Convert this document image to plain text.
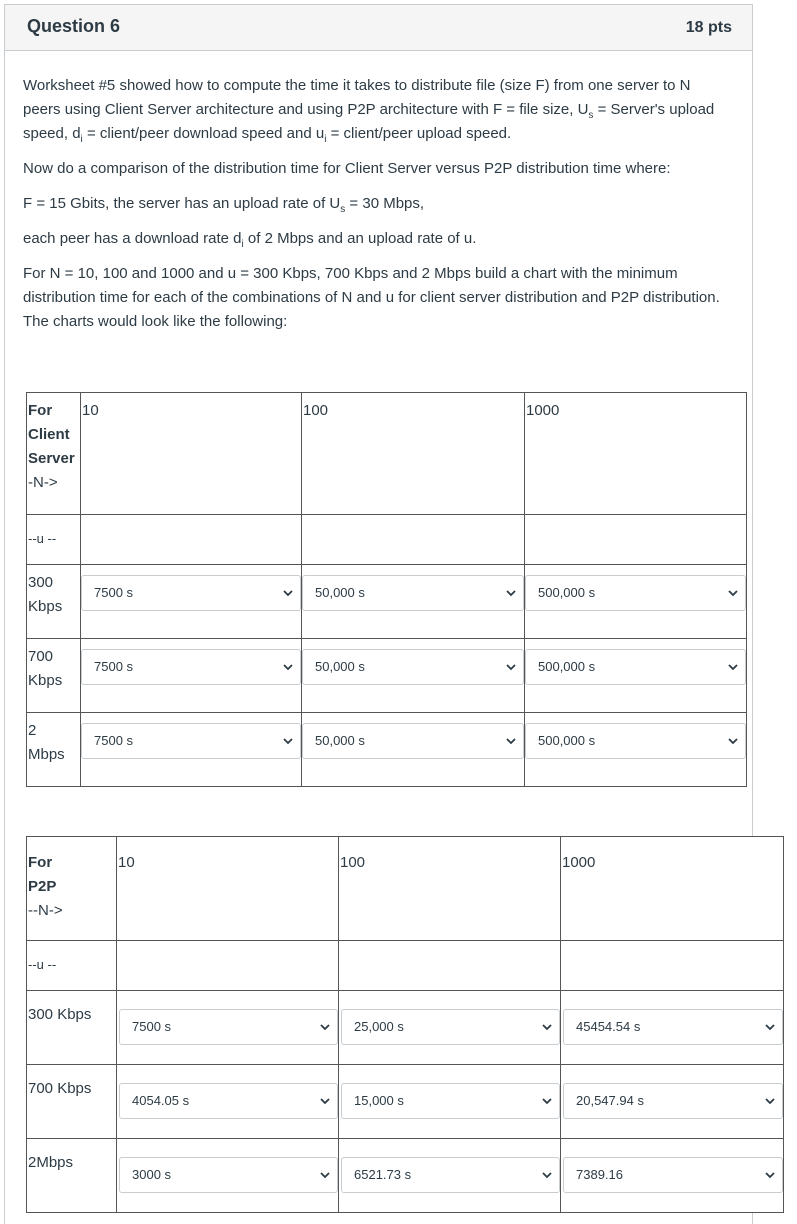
Question 6	18 pts

Worksheet #5 showed how to compute the time it takes to distribute file (size F) from one server to N peers using Client Server architecture and using P2P architecture with F = file size, $U_s$ = Server's upload speed, $d_i$ = client/peer download speed and $u_i$ = client/peer upload speed.

Now do a comparison of the distribution time for Client Server versus P2P distribution time where:

F = 15 Gbits, the server has an upload rate of $U_s = 30$ Mbps,

each peer has a download rate $d_i$ of 2 Mbps and an upload rate of u.

For N = 10, 100 and 1000 and u = 300 Kbps, 700 Kbps and 2 Mbps build a chart with the minimum distribution time for each of the combinations of N and u for client server distribution and P2P distribution. The charts would look like the following:

For
Client
Server
-N->	10	100	1000
--u --			

300
Kbps	7500 s	50,000 s	500,000 s

700
Kbps	7500 s	50,000 s	500,000 s

2
Mbps	7500 s	50,000 s	500,000 s
For
P2P
--N->	10	100	1000
--u --			
300 Kbps	7500 s	25,000 s	45454.54 s

700 Kbps	4054.05 s	15,000 s	20,547.94 s

2Mbps	3000 s	6521.73 s	7389.16
